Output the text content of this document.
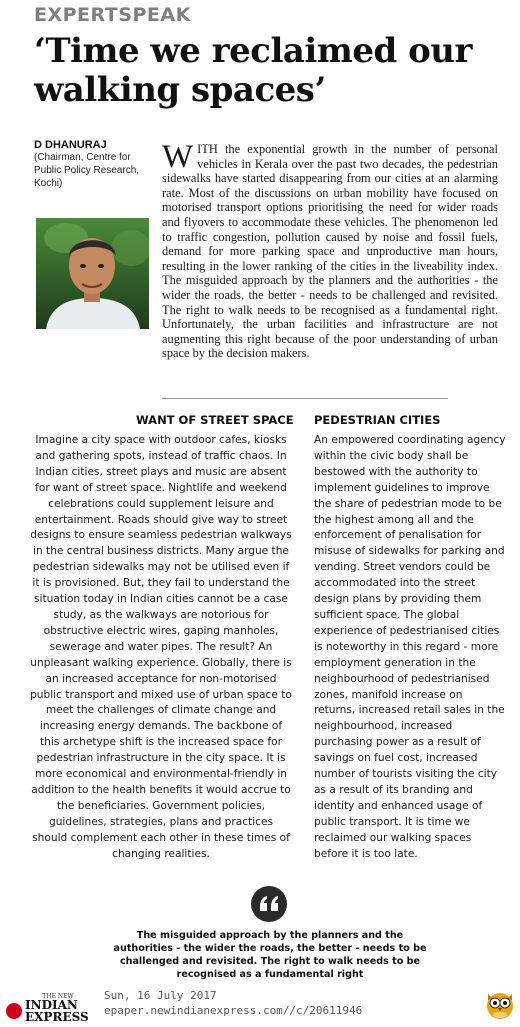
EXPERTSPEAK
‘Time we reclaimed our walking spaces’
D DHANURAJ
(Chairman, Centre for Public Policy Research, Kochi)
WITH the exponential growth in the number of personal vehicles in Kerala over the past two decades, the pedestrian sidewalks have started disappearing from our cities at an alarming rate. Most of the discussions on urban mobility have focused on motorised transport options prioritising the need for wider roads and flyovers to accommodate these vehicles. The phenomenon led to traffic congestion, pollution caused by noise and fossil fuels, demand for more parking space and unproductive man hours, resulting in the lower ranking of the cities in the liveability index. The misguided approach by the planners and the authorities - the wider the roads, the better - needs to be challenged and revisited. The right to walk needs to be recognised as a fundamental right. Unfortunately, the urban facilities and infrastructure are not augmenting this right because of the poor understanding of urban space by the decision makers.
WANT OF STREET SPACE PEDESTRIAN CITIES
Imagine a city space with outdoor cafes, kiosks and gathering spots, instead of traffic chaos. In Indian cities, street plays and music are absent for want of street space. Nightlife and weekend celebrations could supplement leisure and entertainment. Roads should give way to street designs to ensure seamless pedestrian walkways in the central business districts. Many argue the pedestrian sidewalks may not be utilised even if it is provisioned. But, they fail to understand the situation today in Indian cities cannot be a case study, as the walkways are notorious for obstructive electric wires, gaping manholes, sewerage and water pipes. The result? An unpleasant walking experience. Globally, there is an increased acceptance for non-motorised public transport and mixed use of urban space to meet the challenges of climate change and increasing energy demands. The backbone of this archetype shift is the increased space for pedestrian infrastructure in the city space. It is more economical and environmental-friendly in addition to the health benefits it would accrue to the beneficiaries. Government policies, guidelines, strategies, plans and practices should complement each other in these times of changing realities.
An empowered coordinating agency within the civic body shall be bestowed with the authority to implement guidelines to improve the share of pedestrian mode to be the highest among all and the enforcement of penalisation for misuse of sidewalks for parking and vending. Street vendors could be accommodated into the street design plans by providing them sufficient space. The global experience of pedestrianised cities is noteworthy in this regard - more employment generation in the neighbourhood of pedestrianised zones, manifold increase on returns, increased retail sales in the neighbourhood, increased purchasing power as a result of savings on fuel cost, increased number of tourists visiting the city as a result of its branding and identity and enhanced usage of public transport. It is time we reclaimed our walking spaces before it is too late.
The misguided approach by the planners and the authorities - the wider the roads, the better - needs to be challenged and revisited. The right to walk needs to be recognised as a fundamental right
THE NEW
INDIAN
EXPRESS
Sun, 16 July 2017
epaper.newindianexpress.com//c/20611946
